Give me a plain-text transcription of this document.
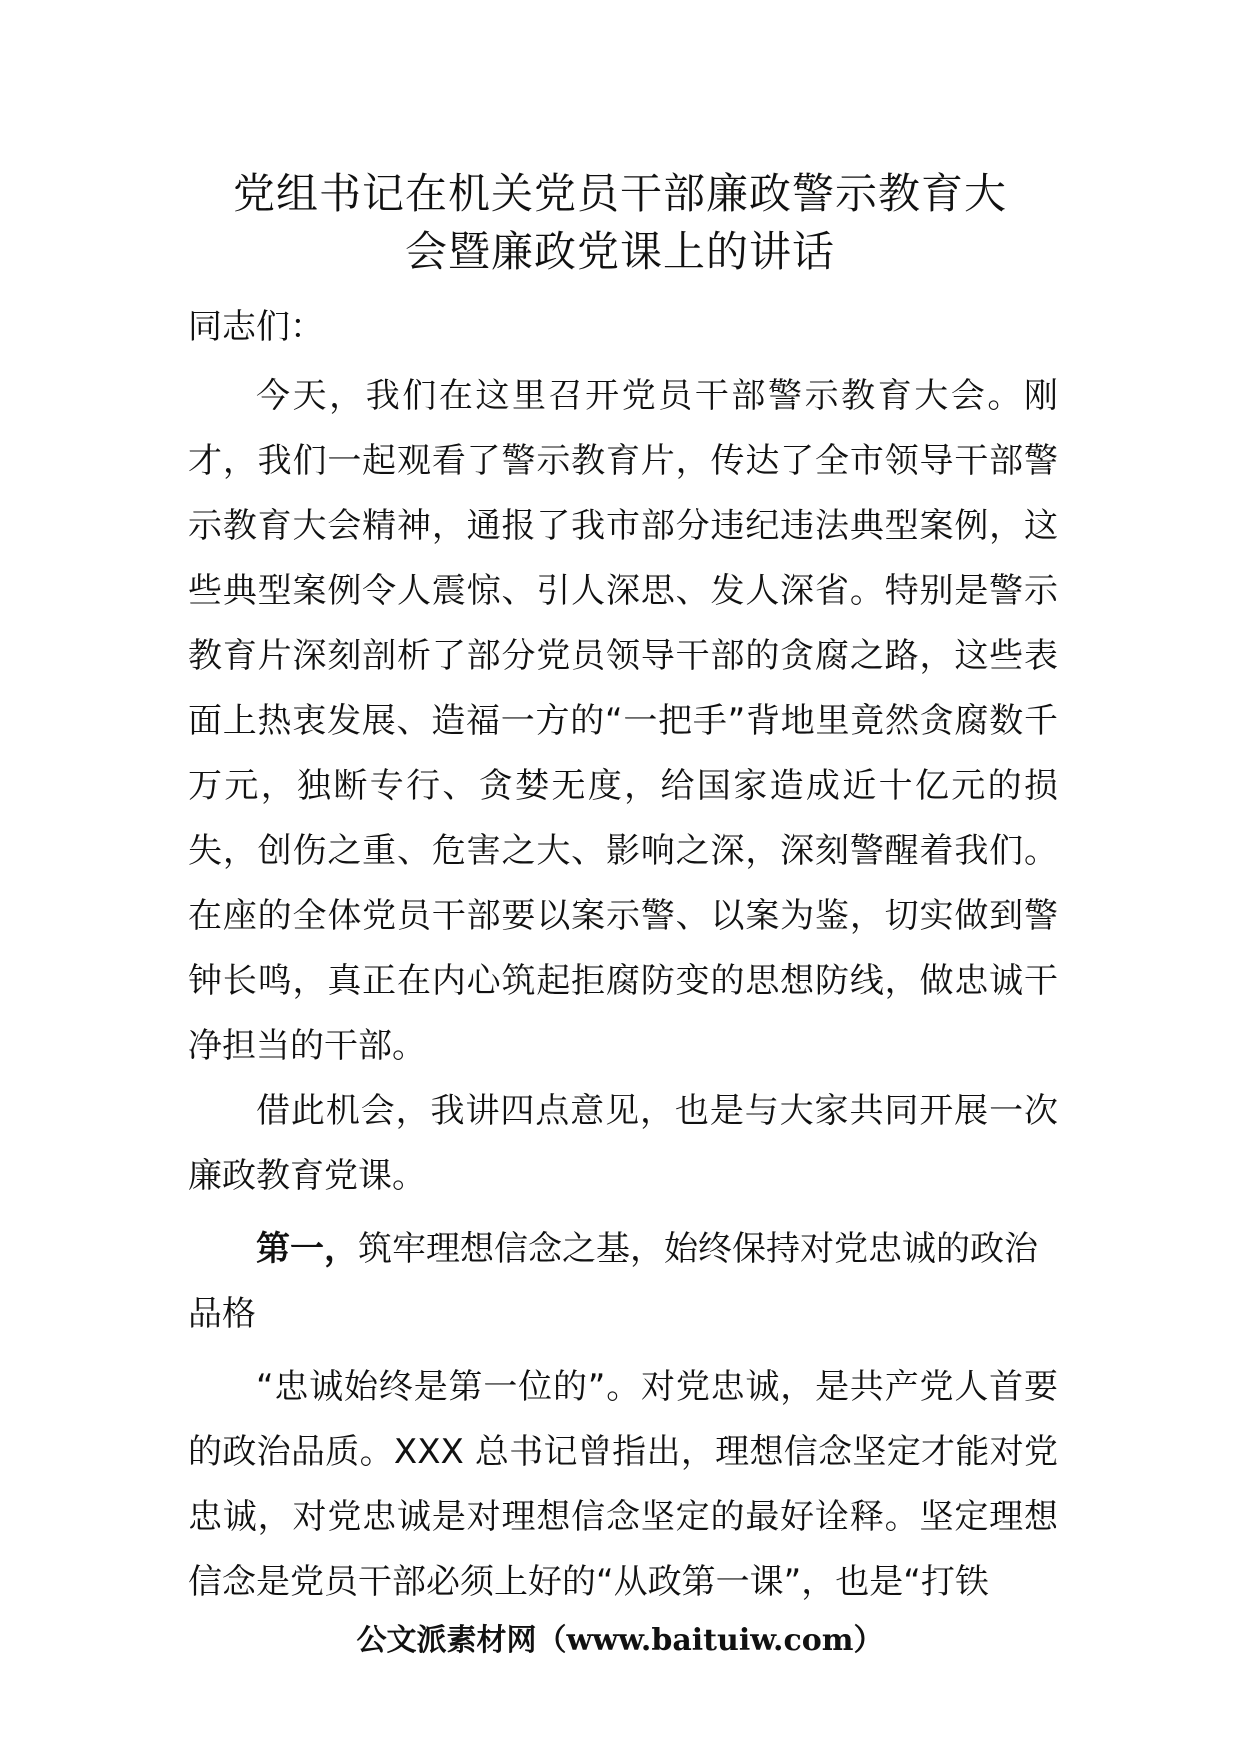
党组书记在机关党员干部廉政警示教育大
会暨廉政党课上的讲话

同志们：

今天，我们在这里召开党员干部警示教育大会。刚才，我们一起观看了警示教育片，传达了全市领导干部警示教育大会精神，通报了我市部分违纪违法典型案例，这些典型案例令人震惊、引人深思、发人深省。特别是警示教育片深刻剖析了部分党员领导干部的贪腐之路，这些表面上热衷发展、造福一方的“一把手”背地里竟然贪腐数千万元，独断专行、贪婪无度，给国家造成近十亿元的损失，创伤之重、危害之大、影响之深，深刻警醒着我们。在座的全体党员干部要以案示警、以案为鉴，切实做到警钟长鸣，真正在内心筑起拒腐防变的思想防线，做忠诚干净担当的干部。

借此机会，我讲四点意见，也是与大家共同开展一次廉政教育党课。

第一，筑牢理想信念之基，始终保持对党忠诚的政治品格

“忠诚始终是第一位的”。对党忠诚，是共产党人首要的政治品质。XXX 总书记曾指出，理想信念坚定才能对党忠诚，对党忠诚是对理想信念坚定的最好诠释。坚定理想信念是党员干部必须上好的“从政第一课”，也是“打铁

公文派素材网（www.baituiw.com）
